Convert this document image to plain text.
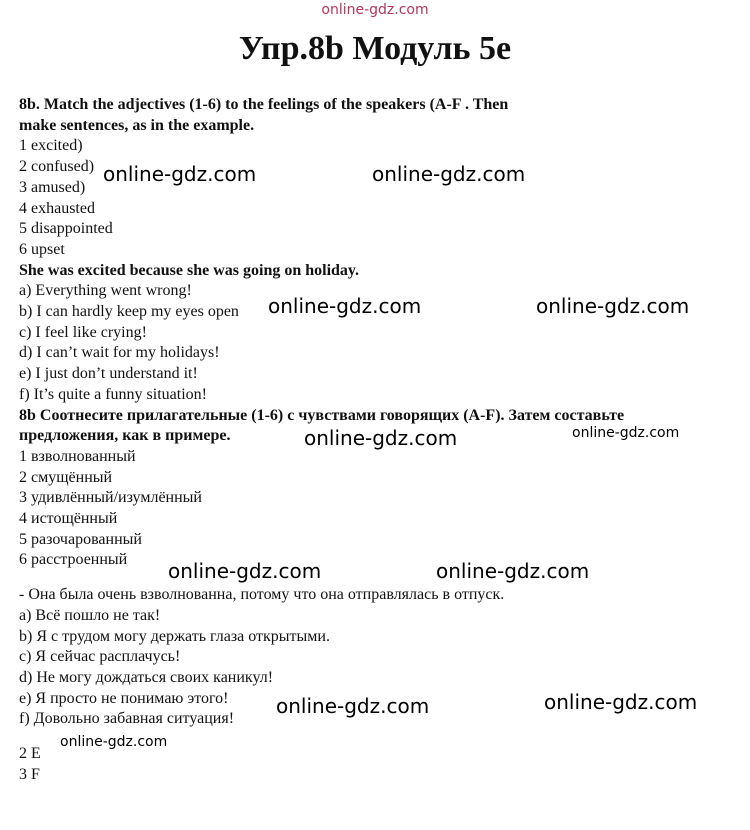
online-gdz.com
Упр.8b Модуль 5е
8b. Match the adjectives (1-6) to the feelings of the speakers (A-F . Then
make sentences, as in the example.
1 excited)
2 confused)
3 amused)
4 exhausted
5 disappointed
6 upset
She was excited because she was going on holiday.
a) Everything went wrong!
b) I can hardly keep my eyes open
c) I feel like crying!
d) I can’t wait for my holidays!
e) I just don’t understand it!
f) It’s quite a funny situation!
8b Соотнесите прилагательные (1-6) с чувствами говорящих (A-F). Затем составьте
предложения, как в примере.
1 взволнованный
2 смущённый
3 удивлённый/изумлённый
4 истощённый
5 разочарованный
6 расстроенный
- Она была очень взволнованна, потому что она отправлялась в отпуск.
a) Всё пошло не так!
b) Я с трудом могу держать глаза открытыми.
c) Я сейчас расплачусь!
d) Не могу дождаться своих каникул!
e) Я просто не понимаю этого!
f) Довольно забавная ситуация!
2 E
3 F
online-gdz.com	online-gdz.com
online-gdz.com	online-gdz.com
online-gdz.com	online-gdz.com
online-gdz.com	online-gdz.com
online-gdz.com
online-gdz.com
online-gdz.com
